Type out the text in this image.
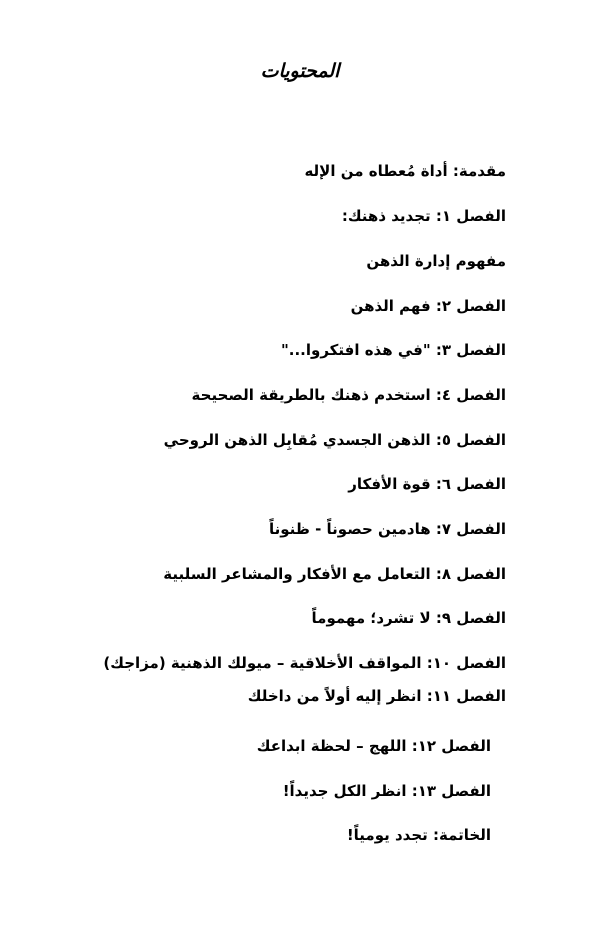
المحتويات
مقدمة: أداة مُعطاه من الإله
الفصل ١: تجديد ذهنك:
مفهوم إدارة الذهن
الفصل ٢: فهم الذهن
الفصل ٣: "في هذه افتكروا..."
الفصل ٤: استخدم ذهنك بالطريقة الصحيحة
الفصل ٥: الذهن الجسدي مُقابِل الذهن الروحي
الفصل ٦: قوة الأفكار
الفصل ٧: هادمين حصوناً - ظنوناً
الفصل ٨: التعامل مع الأفكار والمشاعر السلبية
الفصل ٩: لا تشرد؛ مهموماً
الفصل ١٠: المواقف الأخلاقية – ميولك الذهنية (مزاجك)
الفصل ١١: انظر إليه أولاً من داخلك
الفصل ١٢: اللهج – لحظة ابداعك
الفصل ١٣: انظر الكل جديداً!
الخاتمة: تجدد يومياً!
